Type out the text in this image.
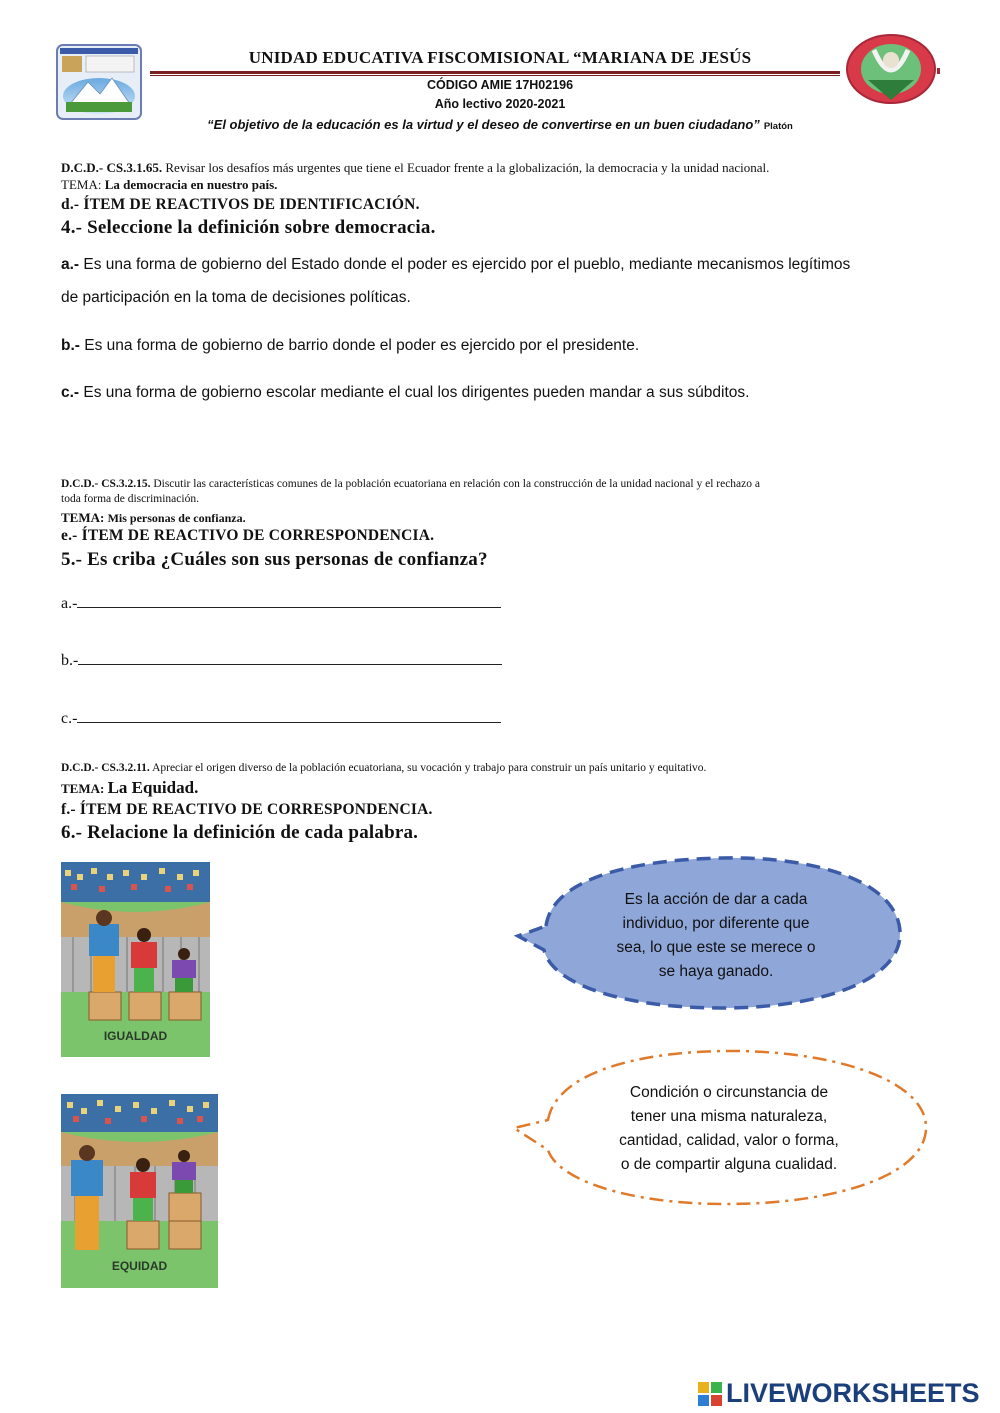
UNIDAD EDUCATIVA FISCOMISIONAL “MARIANA DE JESÚS
CÓDIGO AMIE 17H02196
Año lectivo 2020-2021
“El objetivo de la educación es la virtud y el deseo de convertirse en un buen ciudadano” Platón
D.C.D.- CS.3.1.65. Revisar los desafíos más urgentes que tiene el Ecuador frente a la globalización, la democracia y la unidad nacional.
TEMA: La democracia en nuestro país.
d.- ÍTEM DE REACTIVOS DE IDENTIFICACIÓN.
4.- Seleccione la definición sobre democracia.
a.- Es una forma de gobierno del Estado donde el poder es ejercido por el pueblo, mediante mecanismos legítimos
de participación en la toma de decisiones políticas.
b.- Es una forma de gobierno de barrio donde el poder es ejercido por el presidente.
c.- Es una forma de gobierno escolar mediante el cual los dirigentes pueden mandar a sus súbditos.
D.C.D.- CS.3.2.15. Discutir las características comunes de la población ecuatoriana en relación con la construcción de la unidad nacional y el rechazo a
toda forma de discriminación.
TEMA: Mis personas de confianza.
e.- ÍTEM DE REACTIVO DE CORRESPONDENCIA.
5.- Es criba ¿Cuáles son sus personas de confianza?
a.-
b.-
c.-
D.C.D.- CS.3.2.11. Apreciar el origen diverso de la población ecuatoriana, su vocación y trabajo para construir un país unitario y equitativo.
TEMA: La Equidad.
f.- ÍTEM DE REACTIVO DE CORRESPONDENCIA.
6.- Relacione la definición de cada palabra.
IGUALDAD
EQUIDAD
Es la acción de dar a cada
individuo, por diferente que
sea, lo que este se merece o
se haya ganado.
Condición o circunstancia de
tener una misma naturaleza,
cantidad, calidad, valor o forma,
o de compartir alguna cualidad.
LIVEWORKSHEETS
